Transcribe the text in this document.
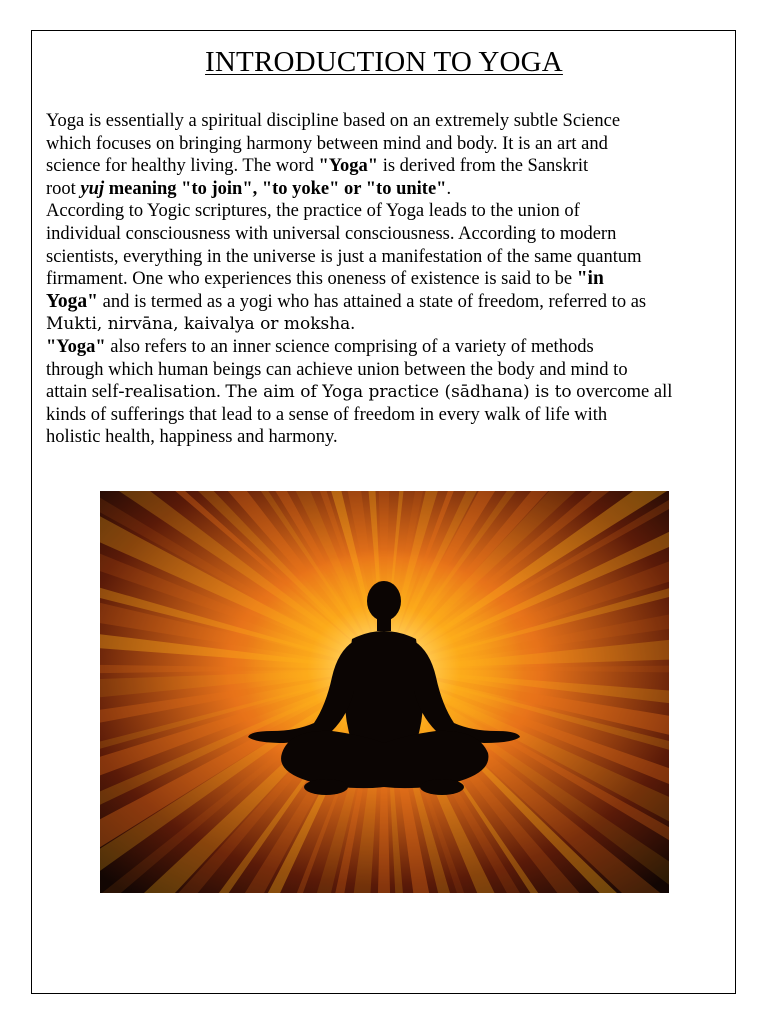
INTRODUCTION TO YOGA
Yoga is essentially a spiritual discipline based on an extremely subtle Science
which focuses on bringing harmony between mind and body. It is an art and
science for healthy living. The word "Yoga" is derived from the Sanskrit
root yuj meaning "to join", "to yoke" or "to unite".
According to Yogic scriptures, the practice of Yoga leads to the union of
individual consciousness with universal consciousness. According to modern
scientists, everything in the universe is just a manifestation of the same quantum
firmament. One who experiences this oneness of existence is said to be "in
Yoga" and is termed as a yogi who has attained a state of freedom, referred to as
Mukti, nirvāna, kaivalya or moksha.
"Yoga" also refers to an inner science comprising of a variety of methods
through which human beings can achieve union between the body and mind to
attain self-realisation. The aim of Yoga practice (sādhana) is to overcome all
kinds of sufferings that lead to a sense of freedom in every walk of life with
holistic health, happiness and harmony.
